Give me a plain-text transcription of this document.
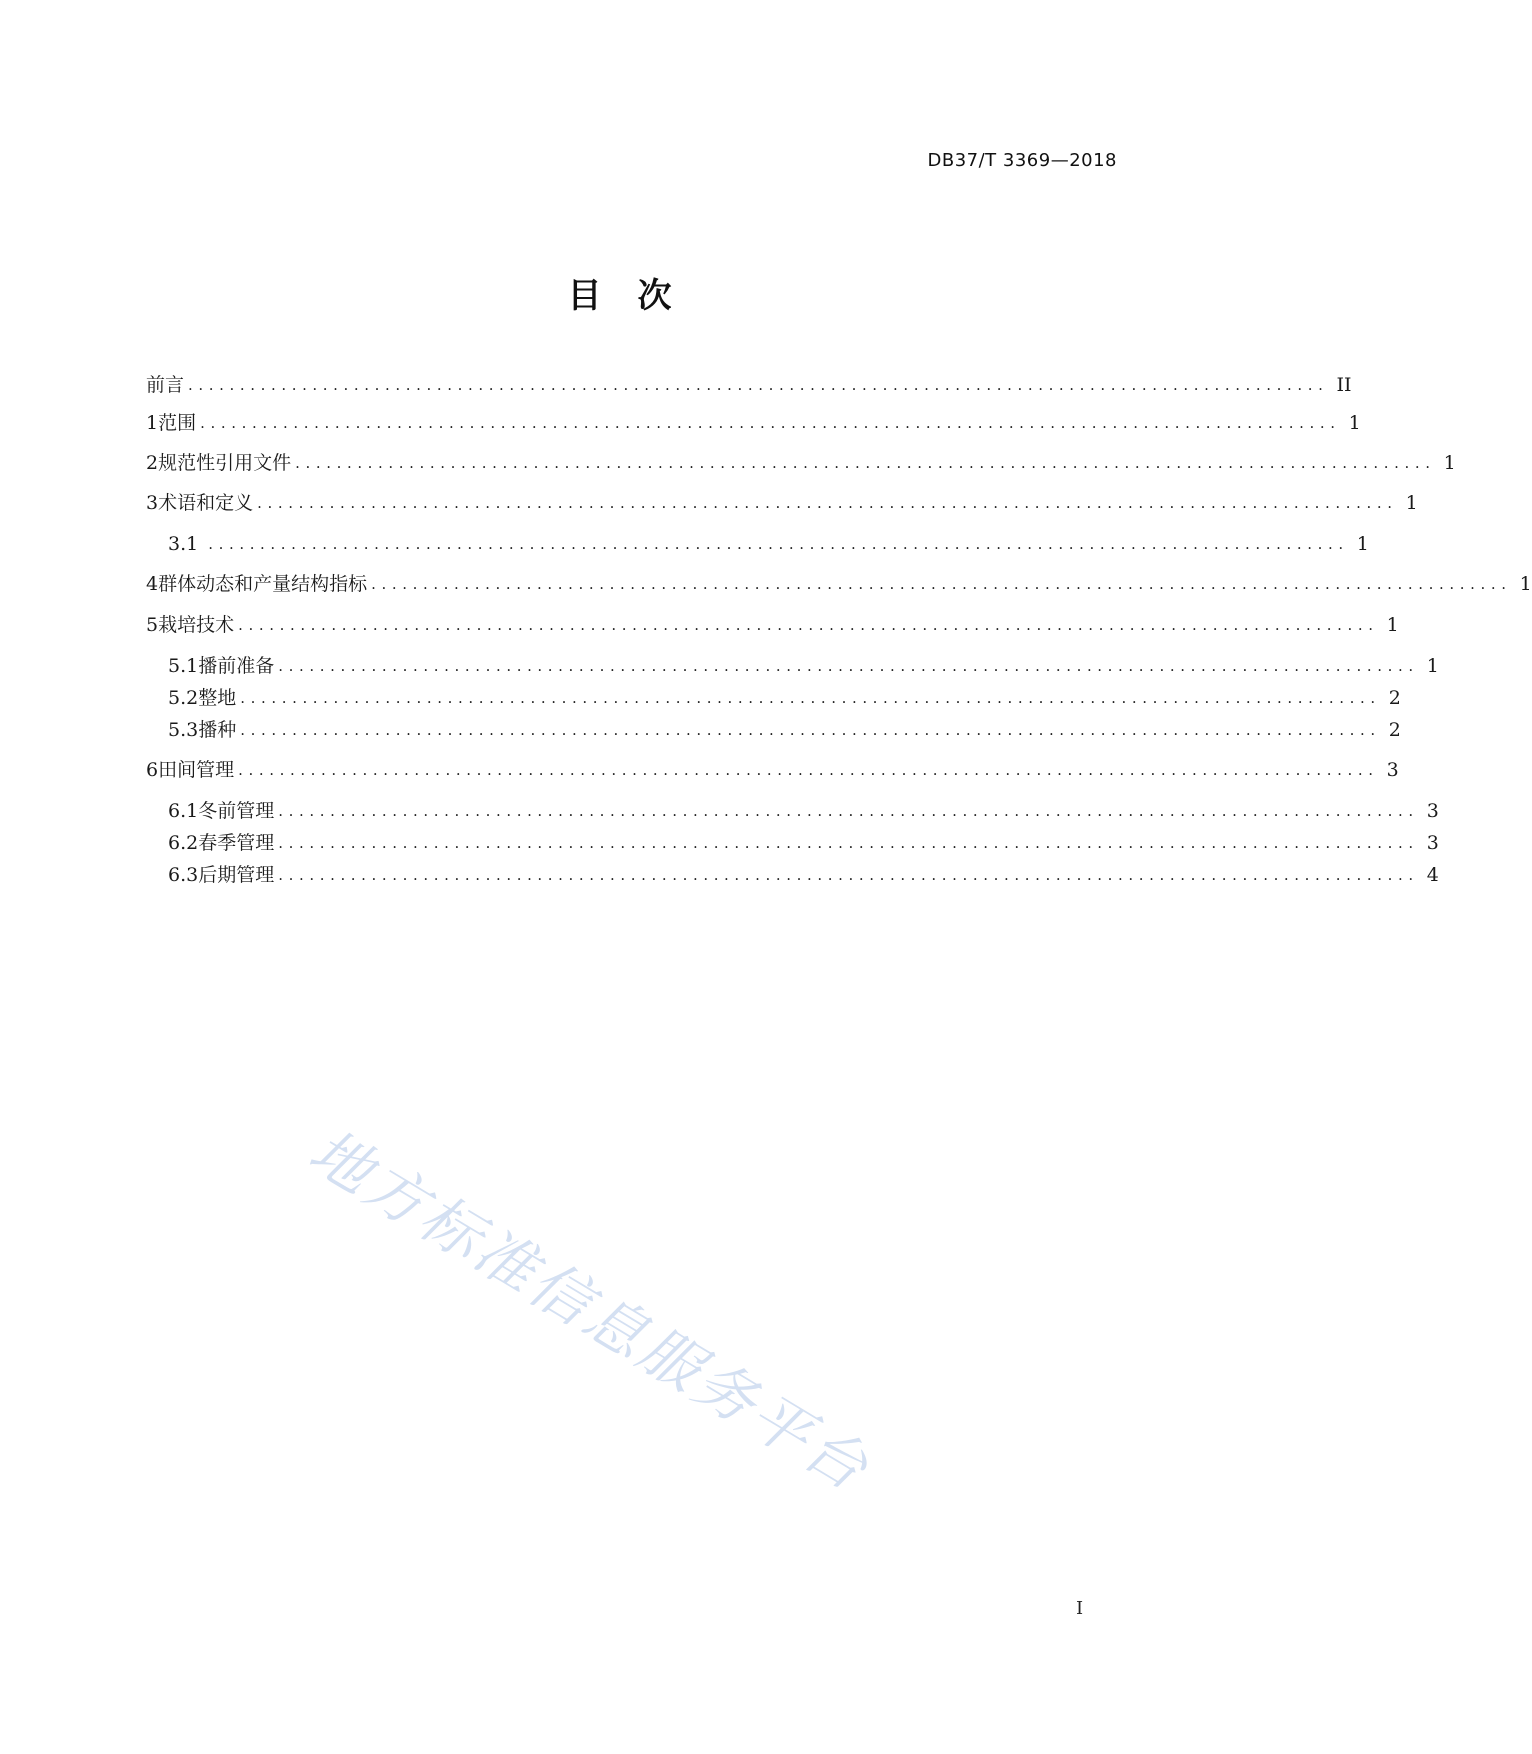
DB37/T 3369—2018
目 次
前言 .............................................................................................................. II
1 范围 .............................................................................................................. 1
2 规范性引用文件 .............................................................................................................. 1
3 术语和定义 .............................................................................................................. 1
3.1 .............................................................................................................. 1
4 群体动态和产量结构指标 .............................................................................................................. 1
5 栽培技术 .............................................................................................................. 1
5.1 播前准备 .............................................................................................................. 1
5.2 整地 .............................................................................................................. 2
5.3 播种 .............................................................................................................. 2
6 田间管理 .............................................................................................................. 3
6.1 冬前管理 .............................................................................................................. 3
6.2 春季管理 .............................................................................................................. 3
6.3 后期管理 .............................................................................................................. 4
地方标准信息服务平台
I
